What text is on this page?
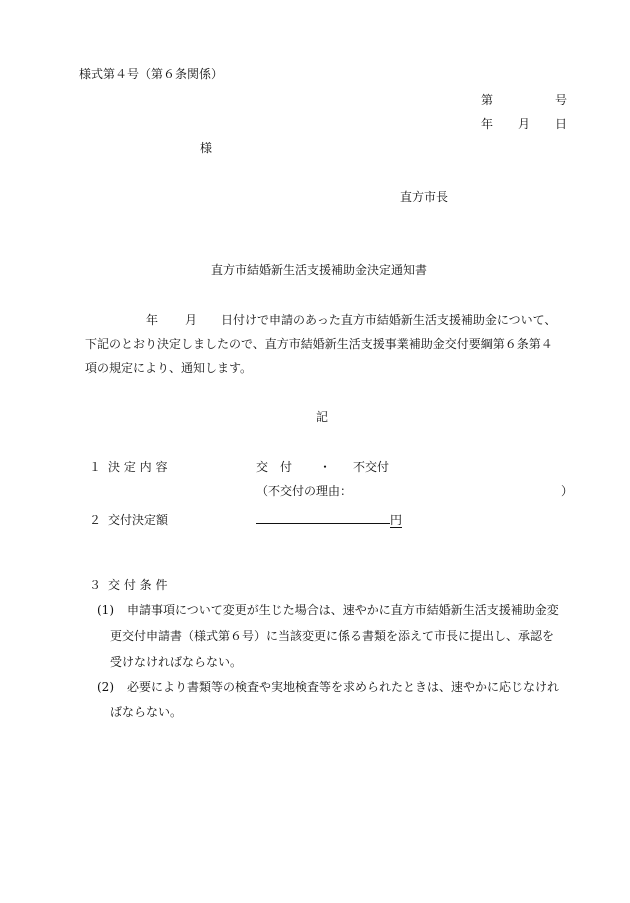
様式第４号（第６条関係）
第	号
年 月 日
様
直方市長
直方市結婚新生活支援補助金決定通知書
年 月 日付けで申請のあった直方市結婚新生活支援補助金について、
下記のとおり決定しましたので、直方市結婚新生活支援事業補助金交付要綱第６条第４
項の規定により、通知します。
記
１ 決 定 内 容	交　付 ・ 不交付
（不交付の理由：	）
２ 交付決定額	円
３ 交 付 条 件
(1) 申請事項について変更が生じた場合は、速やかに直方市結婚新生活支援補助金変
更交付申請書（様式第６号）に当該変更に係る書類を添えて市長に提出し、承認を
受けなければならない。
(2) 必要により書類等の検査や実地検査等を求められたときは、速やかに応じなけれ
ばならない。
